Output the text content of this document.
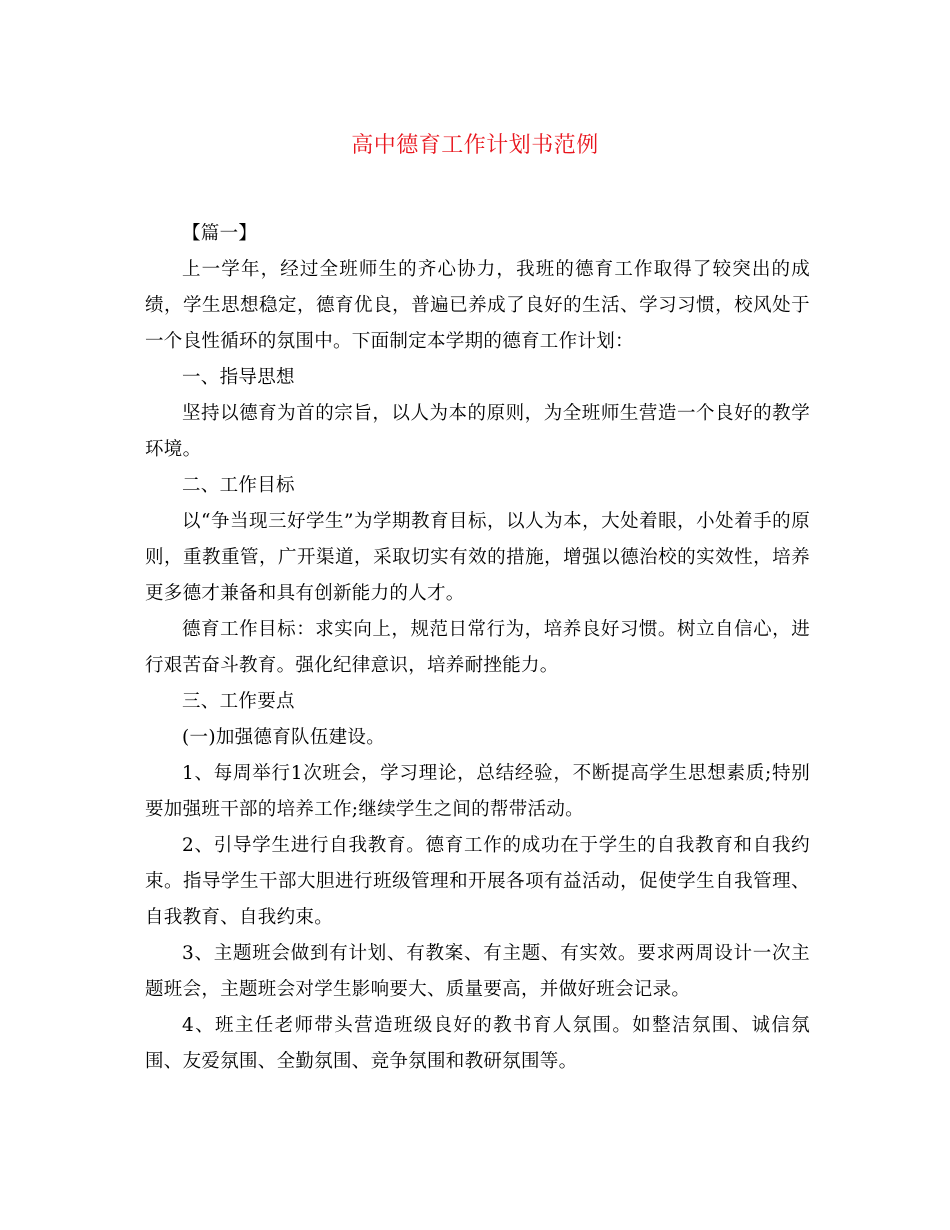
高中德育工作计划书范例

【篇一】

上一学年，经过全班师生的齐心协力，我班的德育工作取得了较突出的成绩，学生思想稳定，德育优良，普遍已养成了良好的生活、学习习惯，校风处于一个良性循环的氛围中。下面制定本学期的德育工作计划：

一、指导思想

坚持以德育为首的宗旨，以人为本的原则，为全班师生营造一个良好的教学环境。

二、工作目标

以“争当现三好学生”为学期教育目标，以人为本，大处着眼，小处着手的原则，重教重管，广开渠道，采取切实有效的措施，增强以德治校的实效性，培养更多德才兼备和具有创新能力的人才。

德育工作目标：求实向上，规范日常行为，培养良好习惯。树立自信心，进行艰苦奋斗教育。强化纪律意识，培养耐挫能力。

三、工作要点

(一)加强德育队伍建设。

1、每周举行1次班会，学习理论，总结经验，不断提高学生思想素质;特别要加强班干部的培养工作;继续学生之间的帮带活动。

2、引导学生进行自我教育。德育工作的成功在于学生的自我教育和自我约束。指导学生干部大胆进行班级管理和开展各项有益活动，促使学生自我管理、自我教育、自我约束。

3、主题班会做到有计划、有教案、有主题、有实效。要求两周设计一次主题班会，主题班会对学生影响要大、质量要高，并做好班会记录。

4、班主任老师带头营造班级良好的教书育人氛围。如整洁氛围、诚信氛围、友爱氛围、全勤氛围、竞争氛围和教研氛围等。
